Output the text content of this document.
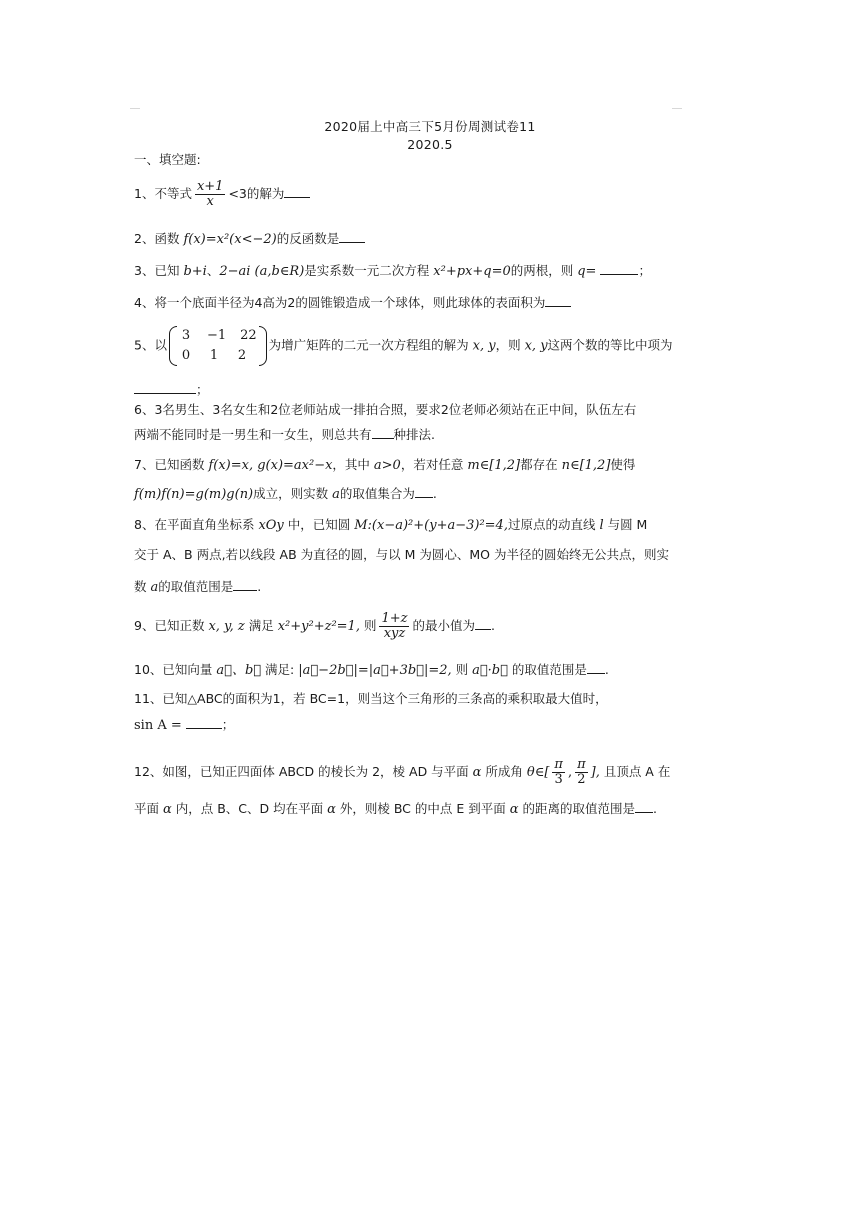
2020届上中高三下5月份周测试卷11
2020.5
一、填空题:
1、不等式 $\frac{x+1}{x} <3$的解为
2、函数 f(x)=x²(x<−2)的反函数是
3、已知 b+i、2−ai (a,b∈R)是实系数一元二次方程 x²+px+q=0的两根，则 q=	；
4、将一个底面半径为4高为2的圆锥锻造成一个球体，则此球体的表面积为
5、以
3 −1 22
0 1 2
为增广矩阵的二元一次方程组的解为 x, y，则 x, y这两个数的等比中项为
；
6、3名男生、3名女生和2位老师站成一排拍合照，要求2位老师必须站在正中间，队伍左右
两端不能同时是一男生和一女生，则总共有 种排法.
7、已知函数 f(x)=x, g(x)=ax²−x，其中 a>0，若对任意 m∈[1,2]都存在 n∈[1,2]使得
f(m)f(n)=g(m)g(n)成立，则实数 a的取值集合为 .
8、在平面直角坐标系 xOy 中，已知圆 M:(x−a)²+(y+a−3)²=4,过原点的动直线 l 与圆 M
交于 A、B 两点,若以线段 AB 为直径的圆，与以 M 为圆心、MO 为半径的圆始终无公共点，则实
数 a的取值范围是 .
9、已知正数 x, y, z 满足 x²+y²+z²=1, 则 $\frac{1+z}{\text{xyz}}$ 的最小值为 .
10、已知向量 a⃗、b⃗ 满足: |a⃗−2b⃗|=|a⃗+3b⃗|=2, 则 a⃗·b⃗ 的取值范围是 .
11、已知△ABC的面积为1，若 BC=1，则当这个三角形的三条高的乘积取最大值时，
sin A =	；
12、如图，已知正四面体 ABCD 的棱长为 2，棱 AD 与平面 α 所成角 θ∈[ $\frac{\pi}{3}$ , $\frac{\pi}{2}$ ], 且顶点 A 在
平面 α 内，点 B、C、D 均在平面 α 外，则棱 BC 的中点 E 到平面 α 的距离的取值范围是 .
